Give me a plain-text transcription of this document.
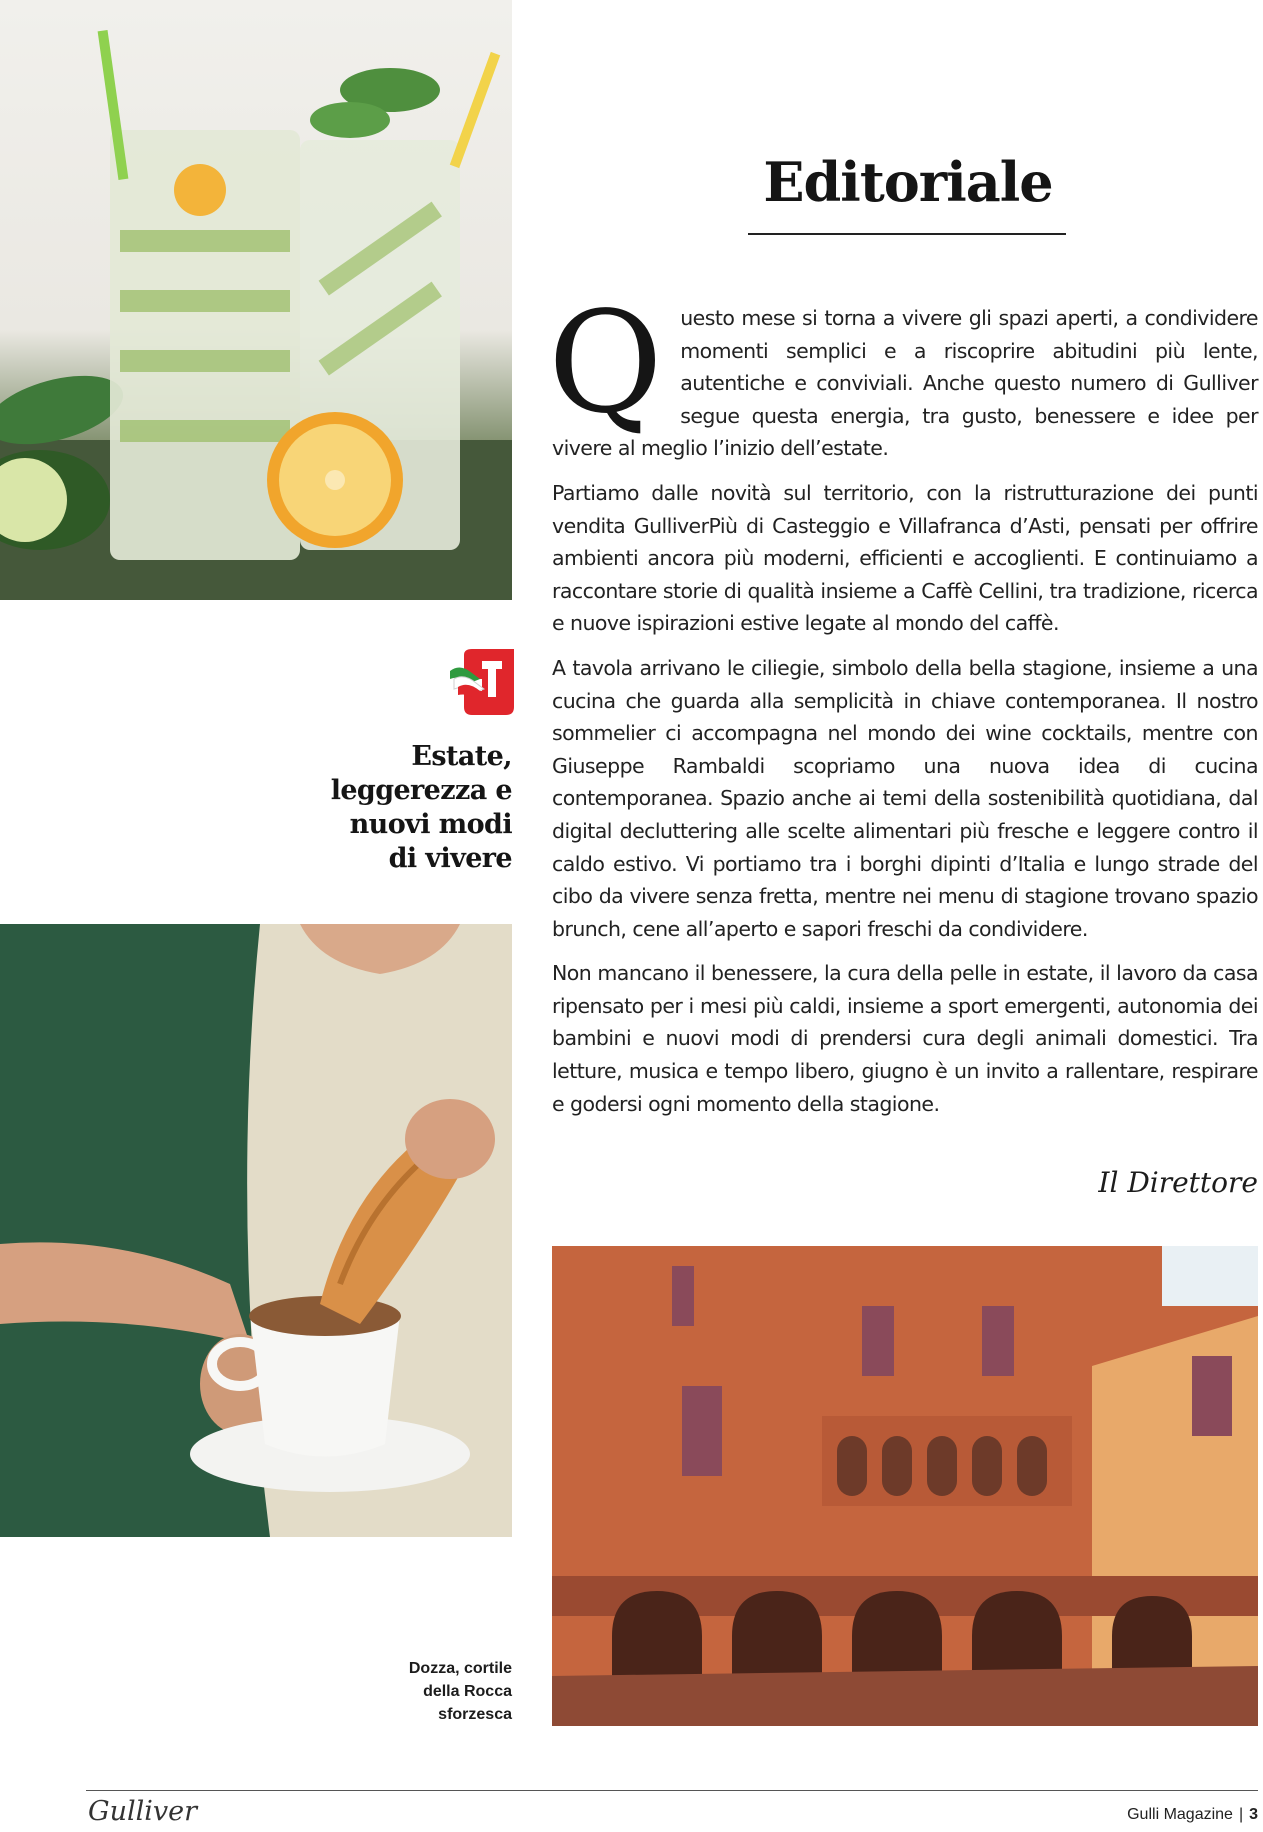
Editoriale

Questo mese si torna a vivere gli spazi aperti, a condividere momenti semplici e a riscoprire abitudini più lente, autentiche e conviviali. Anche questo numero di Gulliver segue questa energia, tra gusto, benessere e idee per vivere al meglio l’inizio dell’estate.

Partiamo dalle novità sul territorio, con la ristrutturazione dei punti vendita GulliverPiù di Casteggio e Villafranca d’Asti, pensati per offrire ambienti ancora più moderni, efficienti e accoglienti. E continuiamo a raccontare storie di qualità insieme a Caffè Cellini, tra tradizione, ricerca e nuove ispirazioni estive legate al mondo del caffè.

A tavola arrivano le ciliegie, simbolo della bella stagione, insieme a una cucina che guarda alla semplicità in chiave contemporanea. Il nostro sommelier ci accompagna nel mondo dei wine cocktails, mentre con Giuseppe Rambaldi scopriamo una nuova idea di cucina contemporanea. Spazio anche ai temi della sostenibilità quotidiana, dal digital decluttering alle scelte alimentari più fresche e leggere contro il caldo estivo. Vi portiamo tra i borghi dipinti d’Italia e lungo strade del cibo da vivere senza fretta, mentre nei menu di stagione trovano spazio brunch, cene all’aperto e sapori freschi da condividere.

Non mancano il benessere, la cura della pelle in estate, il lavoro da casa ripensato per i mesi più caldi, insieme a sport emergenti, autonomia dei bambini e nuovi modi di prendersi cura degli animali domestici. Tra letture, musica e tempo libero, giugno è un invito a rallentare, respirare e godersi ogni momento della stagione.

Il Direttore
Estate,
leggerezza e
nuovi modi
di vivere

Dozza, cortile
della Rocca
sforzesca

Gulliver	Gulli Magazine | 3
